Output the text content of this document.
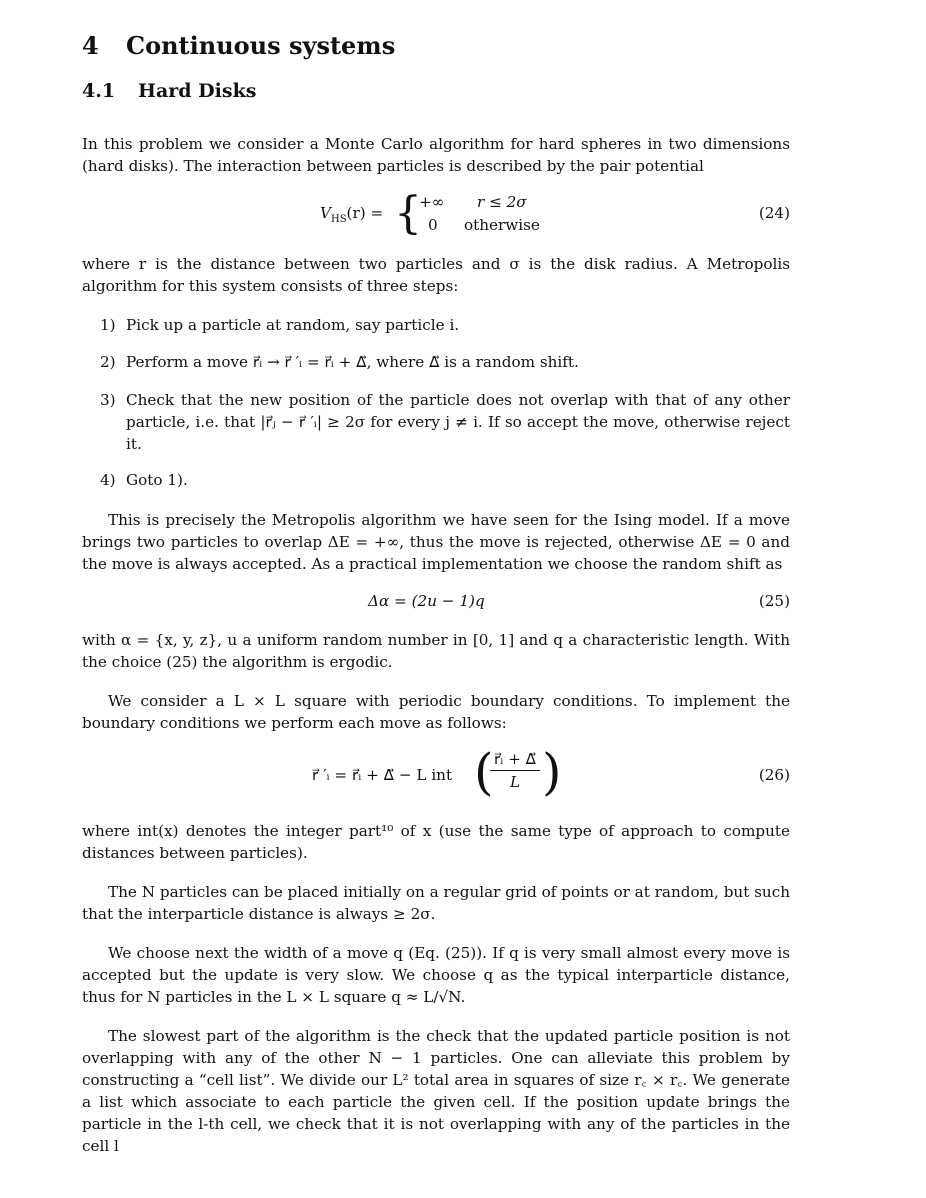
4 Continuous systems
4.1 Hard Disks
In this problem we consider a Monte Carlo algorithm for hard spheres in two dimensions (hard disks). The interaction between particles is described by the pair potential
$V_{HS}(r)$ = {
+∞ r ≤ 2σ
0 otherwise
(24)
where r is the distance between two particles and σ is the disk radius. A Metropolis algorithm for this system consists of three steps:
1) Pick up a particle at random, say particle i.
2) Perform a move r⃗ᵢ → r⃗ ′ᵢ = r⃗ᵢ + Δ⃗, where Δ⃗ is a random shift.
3) Check that the new position of the particle does not overlap with that of any other particle, i.e. that |r⃗ⱼ − r⃗ ′ᵢ| ≥ 2σ for every j ≠ i. If so accept the move, otherwise reject it.
4) Goto 1).
This is precisely the Metropolis algorithm we have seen for the Ising model. If a move brings two particles to overlap ΔE = +∞, thus the move is rejected, otherwise ΔE = 0 and the move is always accepted. As a practical implementation we choose the random shift as
Δα = (2u − 1)q	(25)
with α = {x, y, z}, u a uniform random number in [0, 1] and q a characteristic length. With the choice (25) the algorithm is ergodic.
We consider a L × L square with periodic boundary conditions. To implement the boundary conditions we perform each move as follows:
r⃗ ′ᵢ = r⃗ᵢ + Δ⃗ − L int (
$\frac{\text{r⃗ᵢ + Δ⃗}}{L}$ )	(26)
where int(x) denotes the integer part¹⁰ of x (use the same type of approach to compute distances between particles).
The N particles can be placed initially on a regular grid of points or at random, but such that the interparticle distance is always ≥ 2σ.
We choose next the width of a move q (Eq. (25)). If q is very small almost every move is accepted but the update is very slow. We choose q as the typical interparticle distance, thus for N particles in the L × L square q ≈ L/√N.
The slowest part of the algorithm is the check that the updated particle position is not overlapping with any of the other N − 1 particles. One can alleviate this problem by constructing a “cell list”. We divide our L² total area in squares of size r꜀ × r꜀. We generate a list which associate to each particle the given cell. If the position update brings the particle in the l-th cell, we check that it is not overlapping with any of the particles in the cell l
